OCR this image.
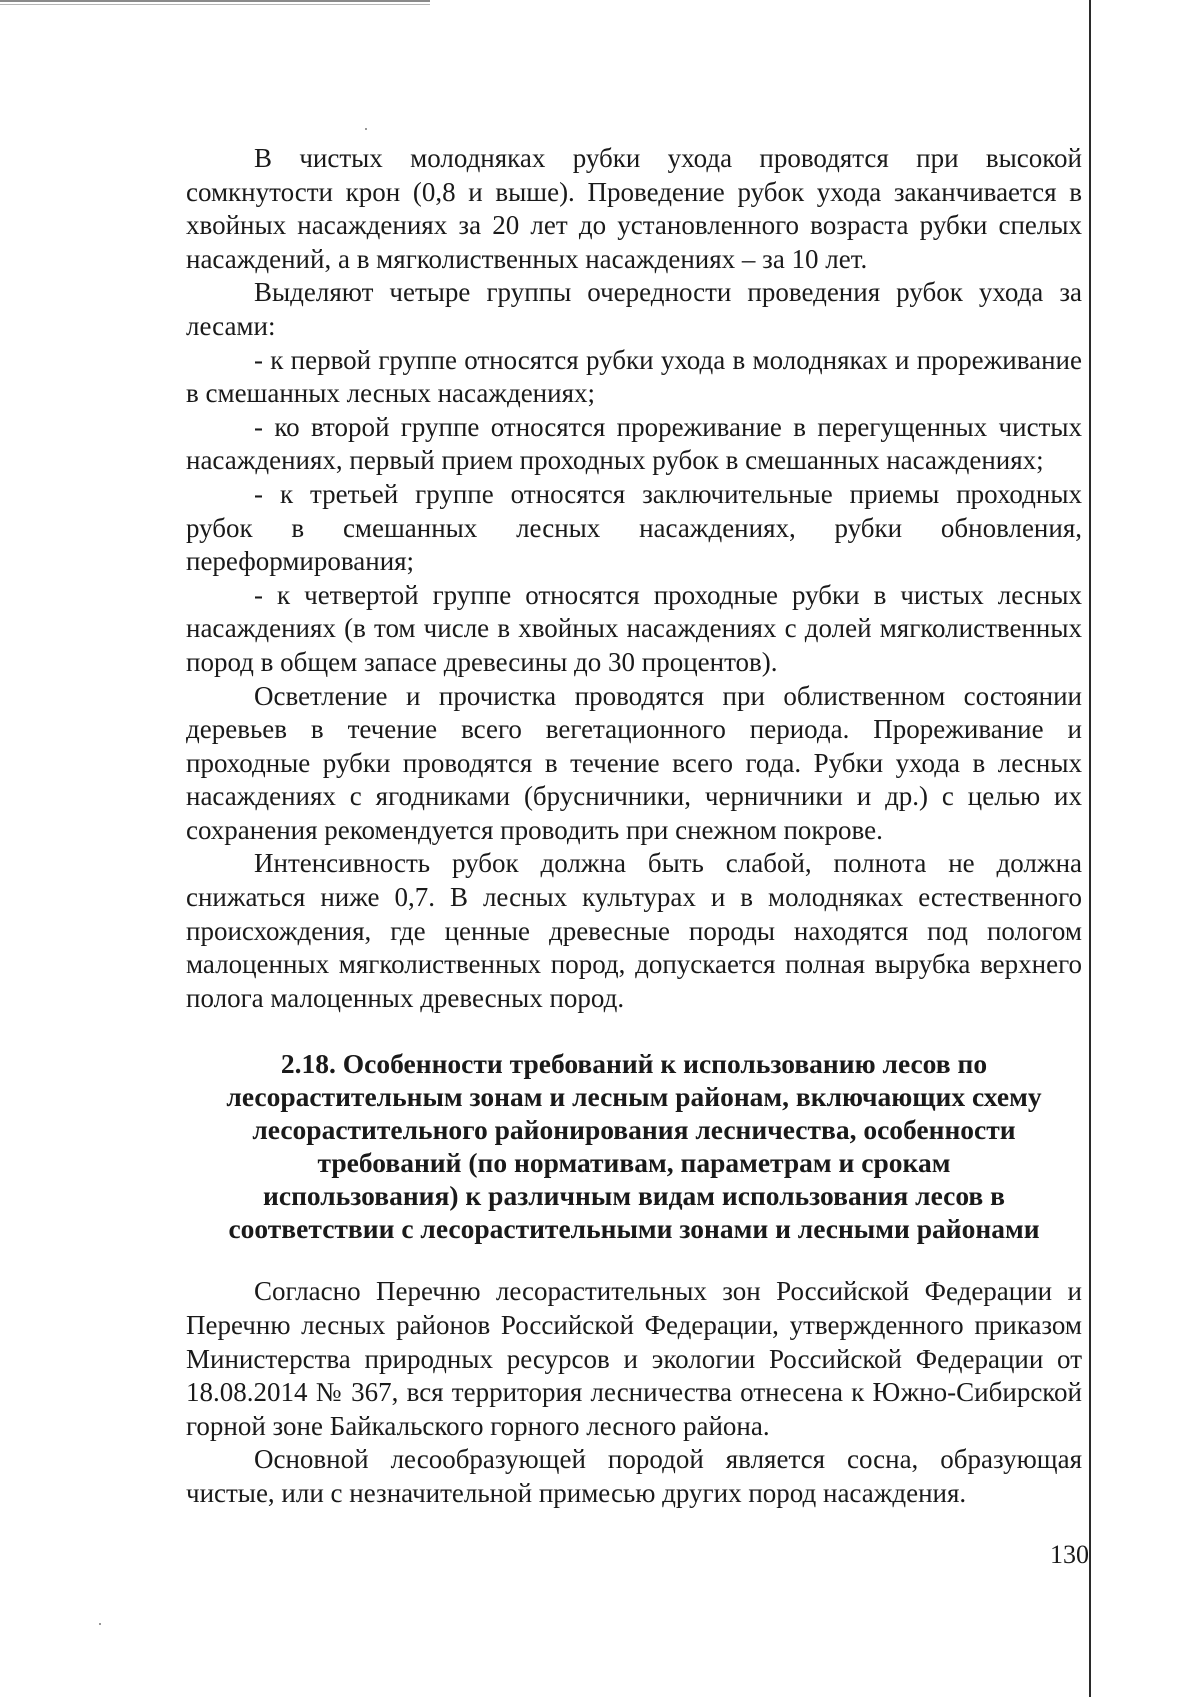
В чистых молодняках рубки ухода проводятся при высокой сомкнутости крон (0,8 и выше). Проведение рубок ухода заканчивается в хвойных насаждениях за 20 лет до установленного возраста рубки спелых насаждений, а в мягколиственных насаждениях – за 10 лет.

Выделяют четыре группы очередности проведения рубок ухода за лесами:

- к первой группе относятся рубки ухода в молодняках и прореживание в смешанных лесных насаждениях;

- ко второй группе относятся прореживание в перегущенных чистых насаждениях, первый прием проходных рубок в смешанных насаждениях;

- к третьей группе относятся заключительные приемы проходных рубок в смешанных лесных насаждениях, рубки обновления, переформирования;

- к четвертой группе относятся проходные рубки в чистых лесных насаждениях (в том числе в хвойных насаждениях с долей мягколиственных пород в общем запасе древесины до 30 процентов).

Осветление и прочистка проводятся при облиственном состоянии деревьев в течение всего вегетационного периода. Прореживание и проходные рубки проводятся в течение всего года. Рубки ухода в лесных насаждениях с ягодниками (брусничники, черничники и др.) с целью их сохранения рекомендуется проводить при снежном покрове.

Интенсивность рубок должна быть слабой, полнота не должна снижаться ниже 0,7. В лесных культурах и в молодняках естественного происхождения, где ценные древесные породы находятся под пологом малоценных мягколиственных пород, допускается полная вырубка верхнего полога малоценных древесных пород.

2.18. Особенности требований к использованию лесов по
лесорастительным зонам и лесным районам, включающих схему
лесорастительного районирования лесничества, особенности
требований (по нормативам, параметрам и срокам
использования) к различным видам использования лесов в
соответствии с лесорастительными зонами и лесными районами

Согласно Перечню лесорастительных зон Российской Федерации и Перечню лесных районов Российской Федерации, утвержденного приказом Министерства природных ресурсов и экологии Российской Федерации от 18.08.2014 № 367, вся территория лесничества отнесена к Южно-Сибирской горной зоне Байкальского горного лесного района.

Основной лесообразующей породой является сосна, образующая чистые, или с незначительной примесью других пород насаждения.

130
